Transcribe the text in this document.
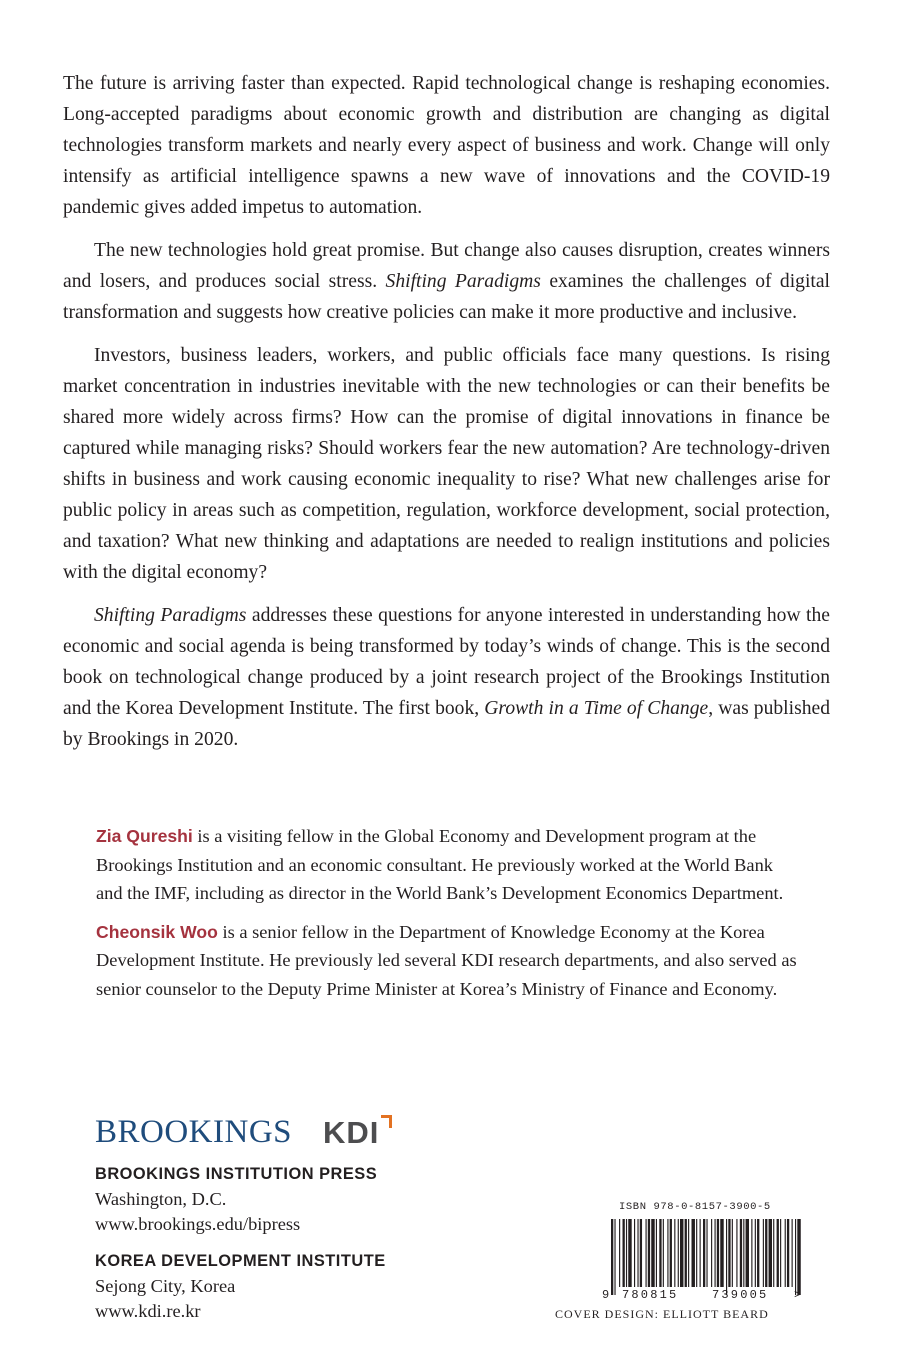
The future is arriving faster than expected. Rapid technological change is reshaping economies. Long-accepted paradigms about economic growth and distribution are changing as digital technologies transform markets and nearly every aspect of business and work. Change will only intensify as artificial intelligence spawns a new wave of innovations and the COVID-19 pandemic gives added impetus to automation.

The new technologies hold great promise. But change also causes disruption, creates winners and losers, and produces social stress. Shifting Paradigms examines the challenges of digital transformation and suggests how creative policies can make it more productive and inclusive.

Investors, business leaders, workers, and public officials face many questions. Is rising market concentration in industries inevitable with the new technologies or can their benefits be shared more widely across firms? How can the promise of digital innovations in finance be captured while managing risks? Should workers fear the new automation? Are technology-driven shifts in business and work causing economic inequality to rise? What new challenges arise for public policy in areas such as competition, regulation, workforce development, social protection, and taxation? What new thinking and adaptations are needed to realign institutions and policies with the digital economy?

Shifting Paradigms addresses these questions for anyone interested in understanding how the economic and social agenda is being transformed by today’s winds of change. This is the second book on technological change produced by a joint research project of the Brookings Institution and the Korea Development Institute. The first book, Growth in a Time of Change, was published by Brookings in 2020.

Zia Qureshi is a visiting fellow in the Global Economy and Development program at the Brookings Institution and an economic consultant. He previously worked at the World Bank and the IMF, including as director in the World Bank’s Development Economics Department.

Cheonsik Woo is a senior fellow in the Department of Knowledge Economy at the Korea Development Institute. He previously led several KDI research departments, and also served as senior counselor to the Deputy Prime Minister at Korea’s Ministry of Finance and Economy.

BROOKINGS KDI
BROOKINGS INSTITUTION PRESS
Washington, D.C.
www.brookings.edu/bipress
KOREA DEVELOPMENT INSTITUTE
Sejong City, Korea
www.kdi.re.kr
ISBN 978-0-8157-3900-5
9 780815	739005 >
COVER DESIGN: ELLIOTT BEARD
